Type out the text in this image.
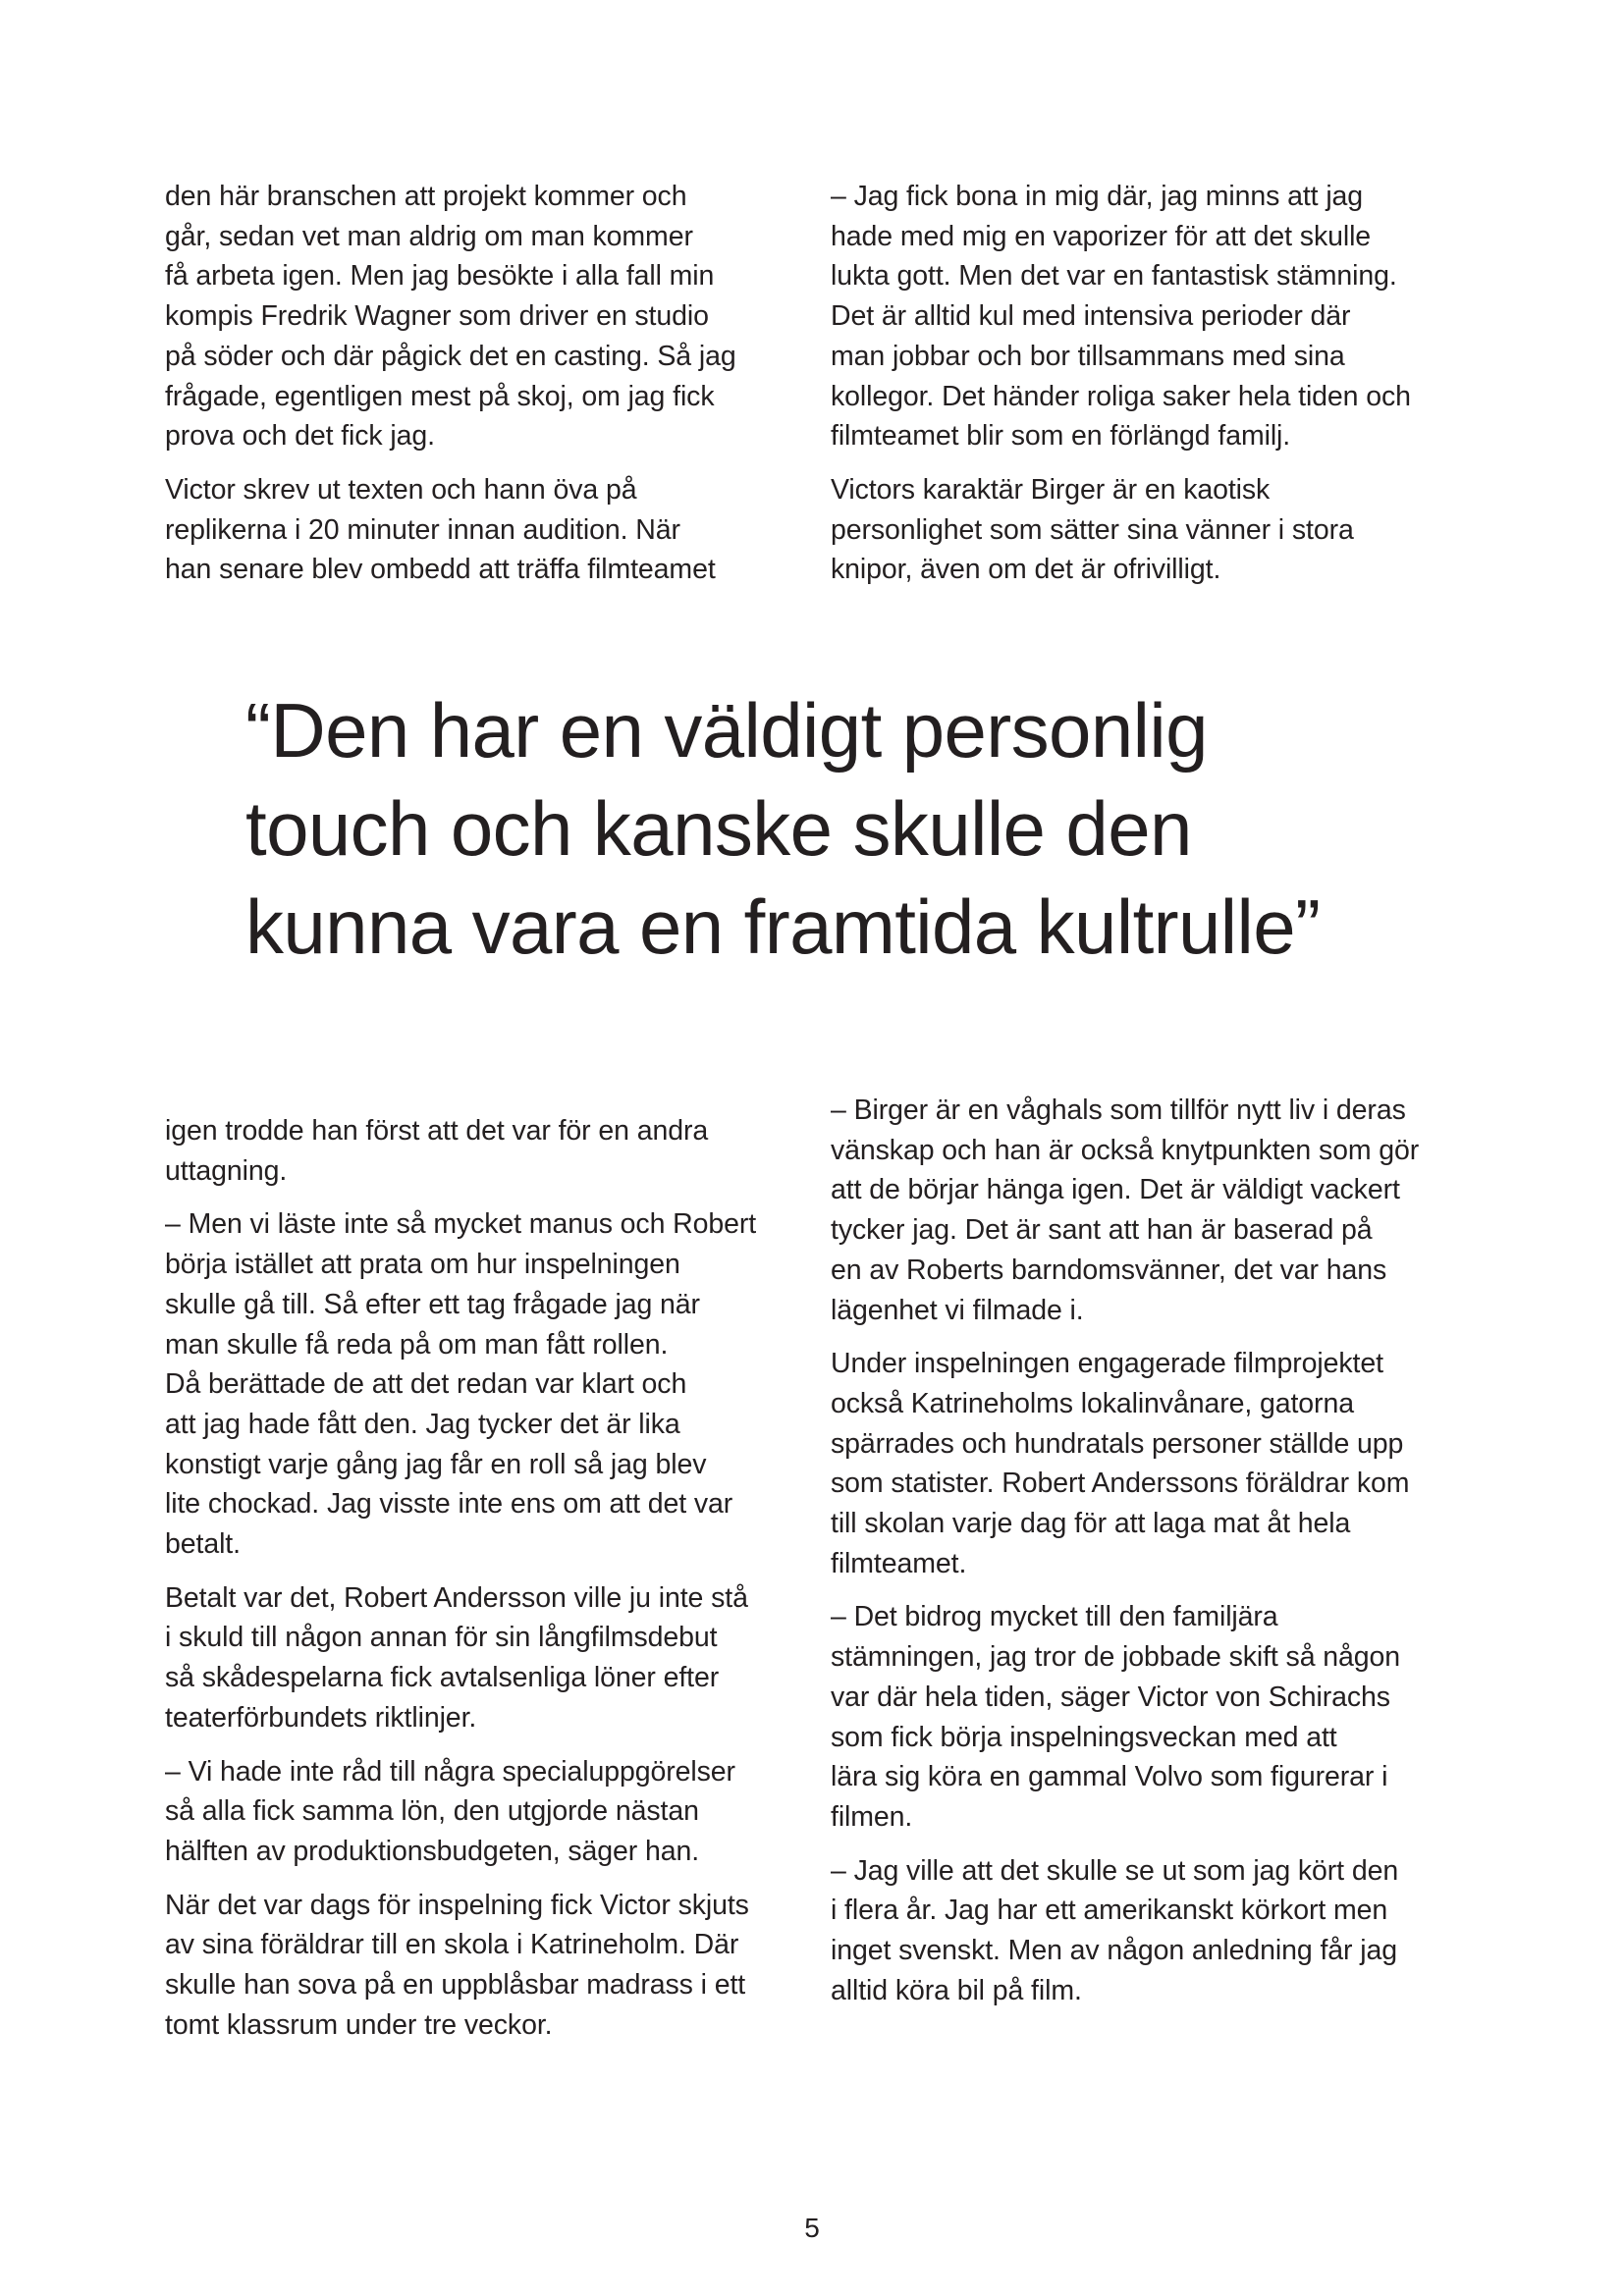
den här branschen att projekt kommer och
går, sedan vet man aldrig om man kommer
få arbeta igen. Men jag besökte i alla fall min
kompis Fredrik Wagner som driver en studio
på söder och där pågick det en casting. Så jag
frågade, egentligen mest på skoj, om jag fick
prova och det fick jag.

Victor skrev ut texten och hann öva på
replikerna i 20 minuter innan audition. När
han senare blev ombedd att träffa filmteamet

– Jag fick bona in mig där, jag minns att jag
hade med mig en vaporizer för att det skulle
lukta gott. Men det var en fantastisk stämning.
Det är alltid kul med intensiva perioder där
man jobbar och bor tillsammans med sina
kollegor. Det händer roliga saker hela tiden och
filmteamet blir som en förlängd familj.

Victors karaktär Birger är en kaotisk
personlighet som sätter sina vänner i stora
knipor, även om det är ofrivilligt.

“Den har en väldigt personlig
touch och kanske skulle den
kunna vara en framtida kultrulle”

igen trodde han först att det var för en andra
uttagning.

– Men vi läste inte så mycket manus och Robert
börja istället att prata om hur inspelningen
skulle gå till. Så efter ett tag frågade jag när
man skulle få reda på om man fått rollen.
Då berättade de att det redan var klart och
att jag hade fått den. Jag tycker det är lika
konstigt varje gång jag får en roll så jag blev
lite chockad. Jag visste inte ens om att det var
betalt.

Betalt var det, Robert Andersson ville ju inte stå
i skuld till någon annan för sin långfilmsdebut
så skådespelarna fick avtalsenliga löner efter
teaterförbundets riktlinjer.

– Vi hade inte råd till några specialuppgörelser
så alla fick samma lön, den utgjorde nästan
hälften av produktionsbudgeten, säger han.

När det var dags för inspelning fick Victor skjuts
av sina föräldrar till en skola i Katrineholm. Där
skulle han sova på en uppblåsbar madrass i ett
tomt klassrum under tre veckor.

– Birger är en våghals som tillför nytt liv i deras
vänskap och han är också knytpunkten som gör
att de börjar hänga igen. Det är väldigt vackert
tycker jag. Det är sant att han är baserad på
en av Roberts barndomsvänner, det var hans
lägenhet vi filmade i.

Under inspelningen engagerade filmprojektet
också Katrineholms lokalinvånare, gatorna
spärrades och hundratals personer ställde upp
som statister. Robert Anderssons föräldrar kom
till skolan varje dag för att laga mat åt hela
filmteamet.

– Det bidrog mycket till den familjära
stämningen, jag tror de jobbade skift så någon
var där hela tiden, säger Victor von Schirachs
som fick börja inspelningsveckan med att
lära sig köra en gammal Volvo som figurerar i
filmen.

– Jag ville att det skulle se ut som jag kört den
i flera år. Jag har ett amerikanskt körkort men
inget svenskt. Men av någon anledning får jag
alltid köra bil på film.

5
